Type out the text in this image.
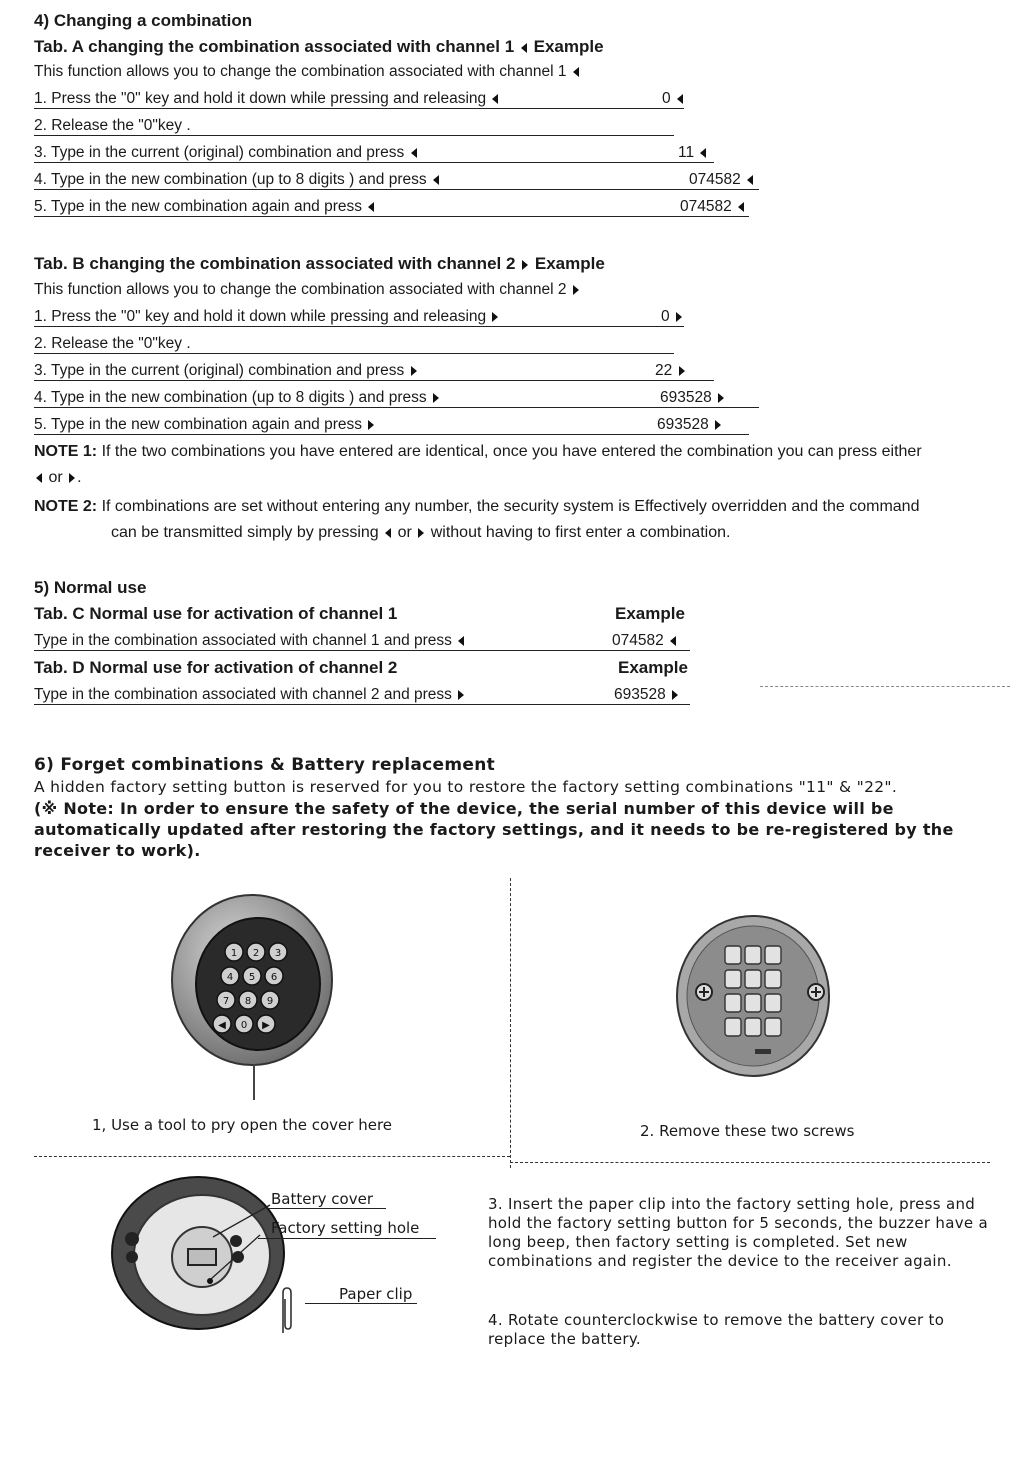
4) Changing a combination
Tab. A changing the combination associated with channel 1 Example
Tab. B changing the combination associated with channel 2 Example
NOTE 1: If the two combinations you have entered are identical, once you have entered the combination you can press either
or .
NOTE 2: If combinations are set without entering any number, the security system is Effectively overridden and the command
can be transmitted simply by pressing or without having to first enter a combination.
5) Normal use
Tab. C Normal use for activation of channel 1	Example
Type in the combination associated with channel 1 and press	074582
Tab. D Normal use for activation of channel 2	Example
Type in the combination associated with channel 2 and press	693528
6) Forget combinations & Battery replacement
A hidden factory setting button is reserved for you to restore the factory setting combinations "11" & "22".
(※ Note: In order to ensure the safety of the device, the serial number of this device will be automatically updated after restoring the factory settings, and it needs to be re-registered by the receiver to work).
1 2 3
4 5 6
7 8 9
◀ 0 ▶
1, Use a tool to pry open the cover here	2. Remove these two screws
Battery cover
Factory setting hole
Paper clip
3. Insert the paper clip into the factory setting hole, press and hold the factory setting button for 5 seconds, the buzzer have a long beep, then factory setting is completed. Set new combinations and register the device to the receiver again.
4. Rotate counterclockwise to remove the battery cover to replace the battery.
This function allows you to change the combination associated with channel 1
1. Press the "0" key and hold it down while pressing and releasing	0
2. Release the "0"key .
3. Type in the current (original) combination and press	11
4. Type in the new combination (up to 8 digits ) and press	074582
5. Type in the new combination again and press	074582
This function allows you to change the combination associated with channel 2
1. Press the "0" key and hold it down while pressing and releasing	0
2. Release the "0"key .
3. Type in the current (original) combination and press	22
4. Type in the new combination (up to 8 digits ) and press	693528
5. Type in the new combination again and press	693528
